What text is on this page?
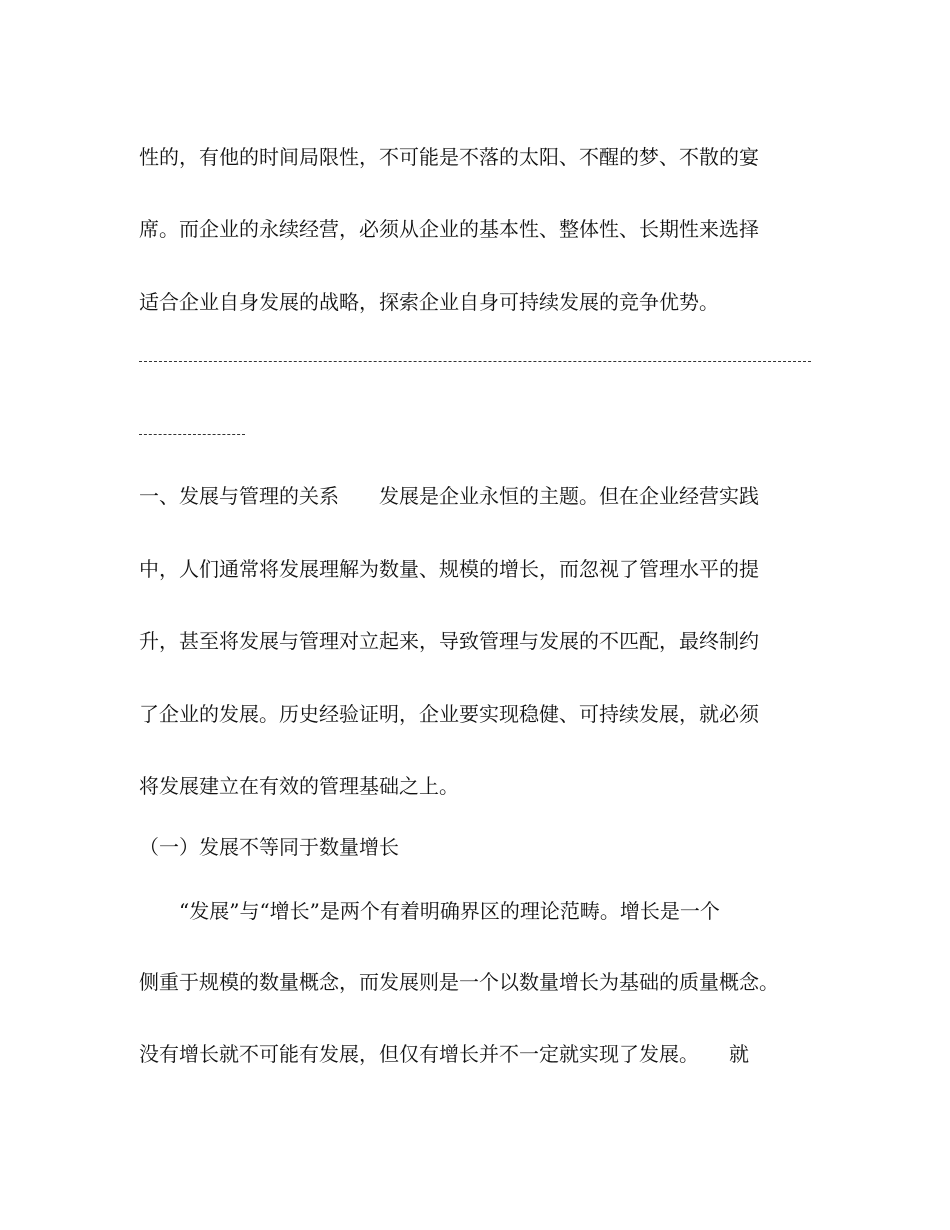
性的，有他的时间局限性，不可能是不落的太阳、不醒的梦、不散的宴
席。而企业的永续经营，必须从企业的基本性、整体性、长期性来选择
适合企业自身发展的战略，探索企业自身可持续发展的竞争优势。
一、发展与管理的关系　　发展是企业永恒的主题。但在企业经营实践
中，人们通常将发展理解为数量、规模的增长，而忽视了管理水平的提
升，甚至将发展与管理对立起来，导致管理与发展的不匹配，最终制约
了企业的发展。历史经验证明，企业要实现稳健、可持续发展，就必须
将发展建立在有效的管理基础之上。
（一）发展不等同于数量增长
　　“发展”与“增长”是两个有着明确界区的理论范畴。增长是一个
侧重于规模的数量概念，而发展则是一个以数量增长为基础的质量概念。
没有增长就不可能有发展，但仅有增长并不一定就实现了发展。　　就
